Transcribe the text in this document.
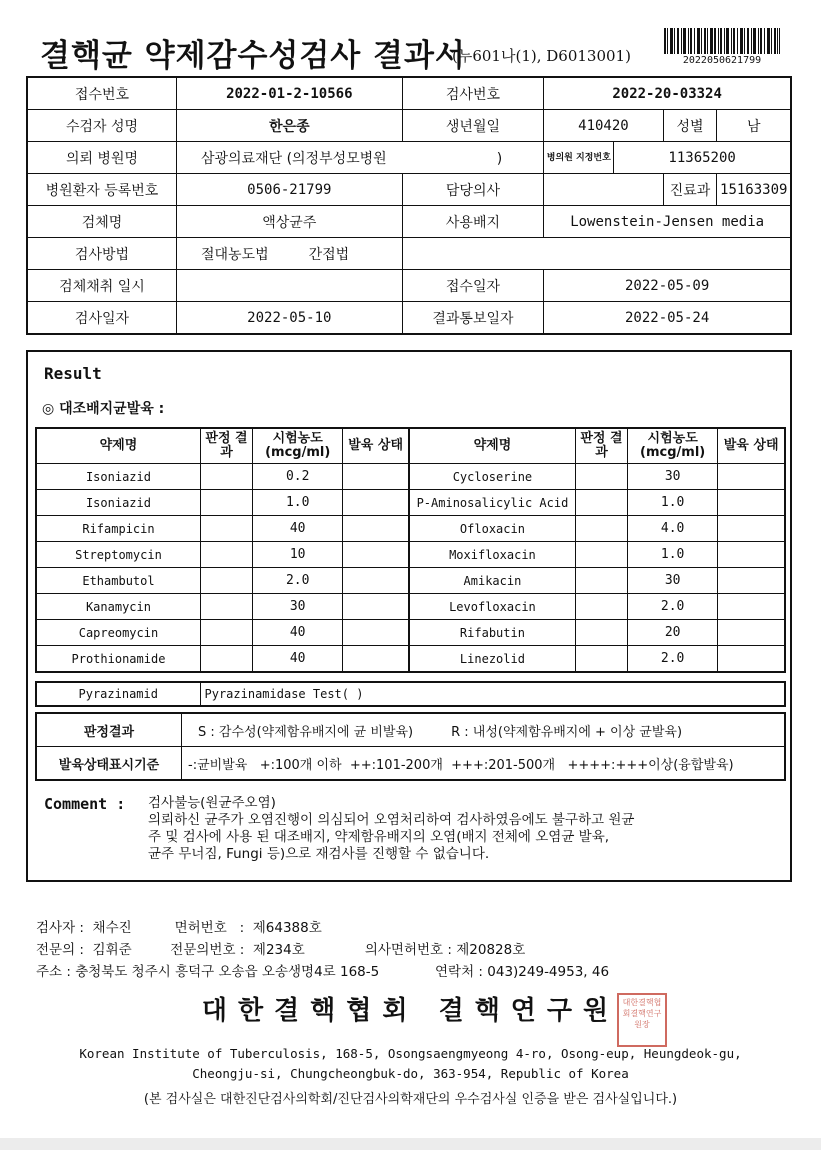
결핵균 약제감수성검사 결과서
(누601나(1), D6013001)	2022050621799
접수번호	2022-01-2-10566	검사번호	2022-20-03324			
수검자 성명	한은종	생년월일	410420		성별	남
의뢰 병원명	삼광의료재단 (의정부성모병원 )		병의원 지정번호	11365200		
병원환자 등록번호	0506-21799	담당의사			진료과	15163309
검체명	액상균주	사용배지	Lowenstein-Jensen media			
검사방법	절대농도법 간접법					
검체채취 일시		접수일자	2022-05-09			
검사일자	2022-05-10	결과통보일자	2022-05-24			
Result
◎ 대조배지균발육 :
약제명	판정 결과	시험농도 (mcg/ml)	발육 상태	약제명	판정 결과	시험농도 (mcg/ml)	발육 상태
Isoniazid		0.2		Cycloserine		30	
Isoniazid		1.0		P-Aminosalicylic Acid		1.0	
Rifampicin		40		Ofloxacin		4.0	
Streptomycin		10		Moxifloxacin		1.0	
Ethambutol		2.0		Amikacin		30	
Kanamycin		30		Levofloxacin		2.0	
Capreomycin		40		Rifabutin		20	
Prothionamide		40		Linezolid		2.0	
Pyrazinamid	Pyrazinamidase Test( )
판정결과	S : 감수성(약제함유배지에 균 비발육) R : 내성(약제함유배지에 + 이상 균발육)
발육상태표시기준	-:균비발육   +:100개 이하  ++:101-200개  +++:201-500개   ++++:+++이상(융합발육)
Comment : 검사불능(원균주오염)
의뢰하신 균주가 오염진행이 의심되어 오염처리하여 검사하였음에도 불구하고 원균
주 및 검사에 사용 된 대조배지, 약제함유배지의 오염(배지 전체에 오염균 발육,
균주 무너짐, Fungi 등)으로 재검사를 진행할 수 없습니다.
검사자 :  채수진          면허번호   :  제64388호
전문의 :  김휘준         전문의번호 :  제234호              의사면허번호 : 제20828호
주소 : 충청북도 청주시 흥덕구 오송읍 오송생명4로 168-5             연락처 : 043)249-4953, 46
대한결핵협회 결핵연구원 대한결핵협회결핵연구원장
Korean Institute of Tuberculosis, 168-5, Osongsaengmyeong 4-ro, Osong-eup, Heungdeok-gu,
Cheongju-si, Chungcheongbuk-do, 363-954, Republic of Korea
(본 검사실은 대한진단검사의학회/진단검사의학재단의 우수검사실 인증을 받은 검사실입니다.)
